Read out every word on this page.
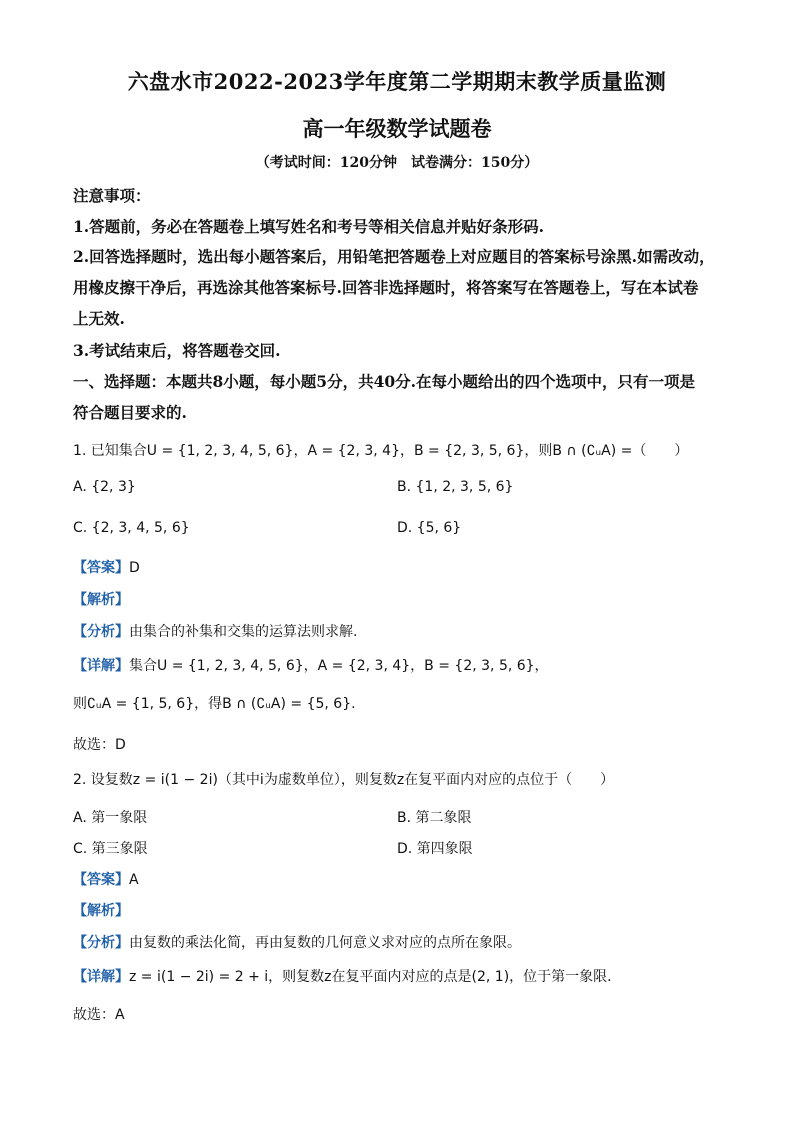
六盘水市2022-2023学年度第二学期期末教学质量监测
高一年级数学试题卷
（考试时间：120分钟　试卷满分：150分）
注意事项：
1.答题前，务必在答题卷上填写姓名和考号等相关信息并贴好条形码.
2.回答选择题时，选出每小题答案后，用铅笔把答题卷上对应题目的答案标号涂黑.如需改动，
用橡皮擦干净后，再选涂其他答案标号.回答非选择题时，将答案写在答题卷上，写在本试卷
上无效.
3.考试结束后，将答题卷交回.
一、选择题：本题共8小题，每小题5分，共40分.在每小题给出的四个选项中，只有一项是
符合题目要求的.
1. 已知集合U = {1, 2, 3, 4, 5, 6}，A = {2, 3, 4}，B = {2, 3, 5, 6}，则B ∩ (∁ᵤA) =（　　）
A. {2, 3}	B. {1, 2, 3, 5, 6}
C. {2, 3, 4, 5, 6}	D. {5, 6}
【答案】D
【解析】
【分析】由集合的补集和交集的运算法则求解.
【详解】集合U = {1, 2, 3, 4, 5, 6}，A = {2, 3, 4}，B = {2, 3, 5, 6}，
则∁ᵤA = {1, 5, 6}，得B ∩ (∁ᵤA) = {5, 6}.
故选：D
2. 设复数z = i(1 − 2i)（其中i为虚数单位），则复数z在复平面内对应的点位于（　　）
A. 第一象限	B. 第二象限
C. 第三象限	D. 第四象限
【答案】A
【解析】
【分析】由复数的乘法化简，再由复数的几何意义求对应的点所在象限。
【详解】z = i(1 − 2i) = 2 + i，则复数z在复平面内对应的点是(2, 1)，位于第一象限.
故选：A
